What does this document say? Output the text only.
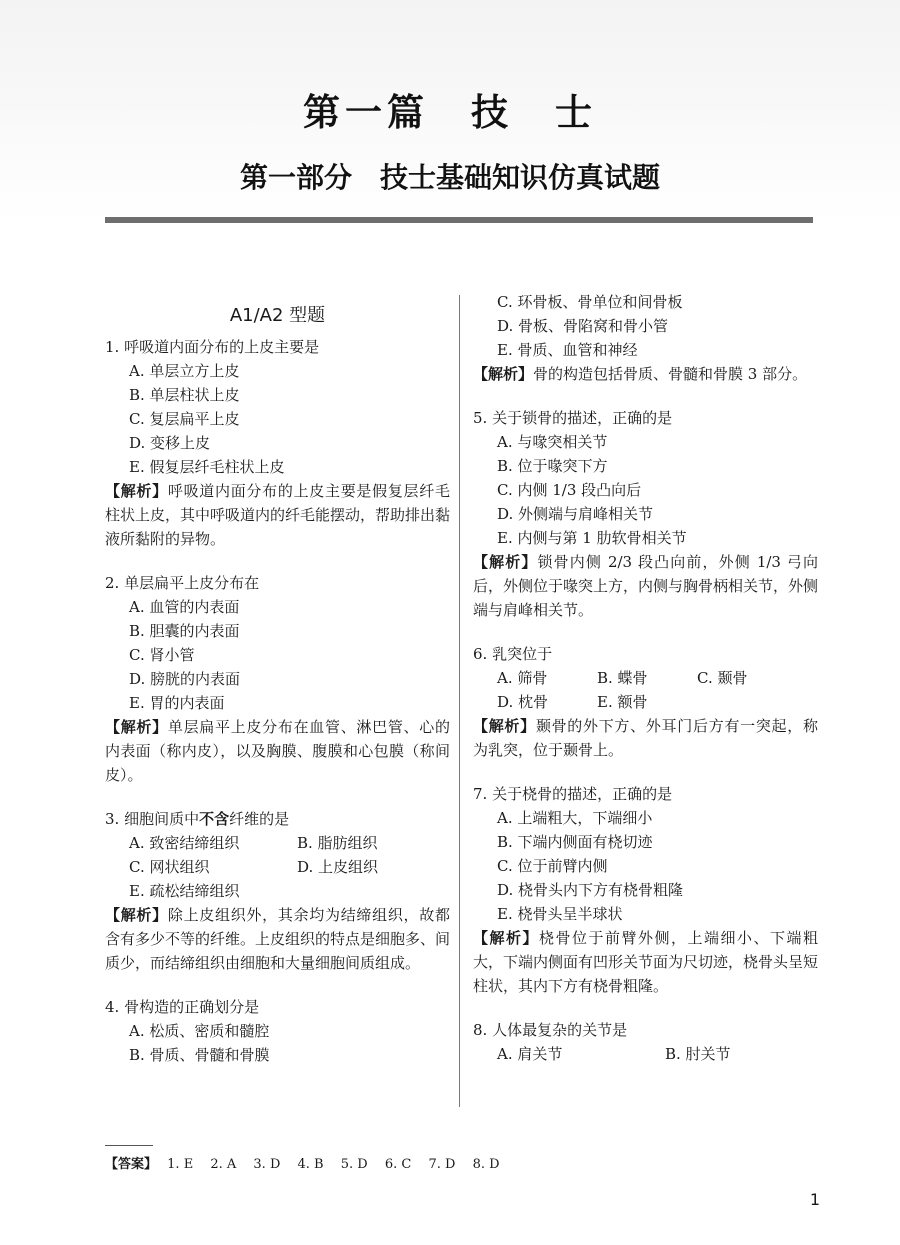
第一篇　技　士
第一部分　技士基础知识仿真试题
A1/A2 型题
1. 呼吸道内面分布的上皮主要是
A. 单层立方上皮
B. 单层柱状上皮
C. 复层扁平上皮
D. 变移上皮
E. 假复层纤毛柱状上皮
【解析】呼吸道内面分布的上皮主要是假复层纤毛柱状上皮，其中呼吸道内的纤毛能摆动，帮助排出黏液所黏附的异物。
2. 单层扁平上皮分布在
A. 血管的内表面
B. 胆囊的内表面
C. 肾小管
D. 膀胱的内表面
E. 胃的内表面
【解析】单层扁平上皮分布在血管、淋巴管、心的内表面（称内皮），以及胸膜、腹膜和心包膜（称间皮）。
3. 细胞间质中不含纤维的是
A. 致密结缔组织	B. 脂肪组织
C. 网状组织	D. 上皮组织
E. 疏松结缔组织
【解析】除上皮组织外，其余均为结缔组织，故都含有多少不等的纤维。上皮组织的特点是细胞多、间质少，而结缔组织由细胞和大量细胞间质组成。
4. 骨构造的正确划分是
A. 松质、密质和髓腔
B. 骨质、骨髓和骨膜
C. 环骨板、骨单位和间骨板
D. 骨板、骨陷窝和骨小管
E. 骨质、血管和神经
【解析】骨的构造包括骨质、骨髓和骨膜 3 部分。
5. 关于锁骨的描述，正确的是
A. 与喙突相关节
B. 位于喙突下方
C. 内侧 1/3 段凸向后
D. 外侧端与肩峰相关节
E. 内侧与第 1 肋软骨相关节
【解析】锁骨内侧 2/3 段凸向前，外侧 1/3 弓向后，外侧位于喙突上方，内侧与胸骨柄相关节，外侧端与肩峰相关节。
6. 乳突位于
A. 筛骨	B. 蝶骨	C. 颞骨
D. 枕骨	E. 额骨
【解析】颞骨的外下方、外耳门后方有一突起，称为乳突，位于颞骨上。
7. 关于桡骨的描述，正确的是
A. 上端粗大，下端细小
B. 下端内侧面有桡切迹
C. 位于前臂内侧
D. 桡骨头内下方有桡骨粗隆
E. 桡骨头呈半球状
【解析】桡骨位于前臂外侧，上端细小、下端粗大，下端内侧面有凹形关节面为尺切迹，桡骨头呈短柱状，其内下方有桡骨粗隆。
8. 人体最复杂的关节是
A. 肩关节	B. 肘关节
【答案】 1. E 2. A 3. D 4. B 5. D 6. C 7. D 8. D
1
